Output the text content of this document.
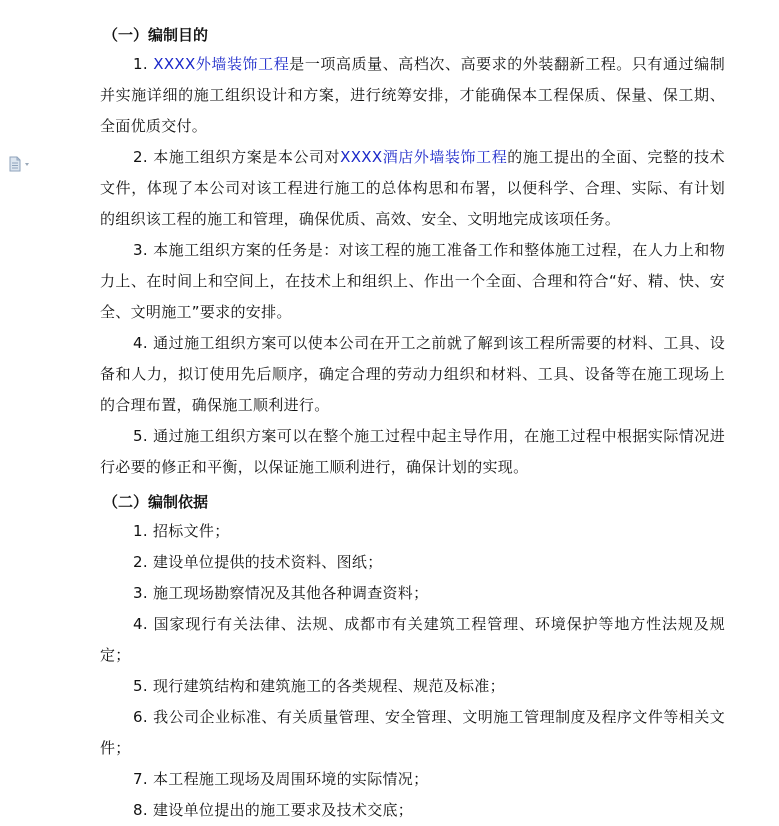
（一）编制目的

1. XXXX外墙装饰工程是一项高质量、高档次、高要求的外装翻新工程。只有通过编制并实施详细的施工组织设计和方案，进行统筹安排，才能确保本工程保质、保量、保工期、全面优质交付。

2. 本施工组织方案是本公司对XXXX酒店外墙装饰工程的施工提出的全面、完整的技术文件，体现了本公司对该工程进行施工的总体构思和布署，以便科学、合理、实际、有计划的组织该工程的施工和管理，确保优质、高效、安全、文明地完成该项任务。

3. 本施工组织方案的任务是：对该工程的施工准备工作和整体施工过程，在人力上和物力上、在时间上和空间上，在技术上和组织上、作出一个全面、合理和符合“好、精、快、安全、文明施工”要求的安排。

4. 通过施工组织方案可以使本公司在开工之前就了解到该工程所需要的材料、工具、设备和人力，拟订使用先后顺序，确定合理的劳动力组织和材料、工具、设备等在施工现场上的合理布置，确保施工顺利进行。

5. 通过施工组织方案可以在整个施工过程中起主导作用，在施工过程中根据实际情况进行必要的修正和平衡，以保证施工顺利进行，确保计划的实现。

（二）编制依据

1. 招标文件；

2. 建设单位提供的技术资料、图纸；

3. 施工现场勘察情况及其他各种调查资料；

4. 国家现行有关法律、法规、成都市有关建筑工程管理、环境保护等地方性法规及规定；

5. 现行建筑结构和建筑施工的各类规程、规范及标准；

6. 我公司企业标准、有关质量管理、安全管理、文明施工管理制度及程序文件等相关文件；

7. 本工程施工现场及周围环境的实际情况；

8. 建设单位提出的施工要求及技术交底；
